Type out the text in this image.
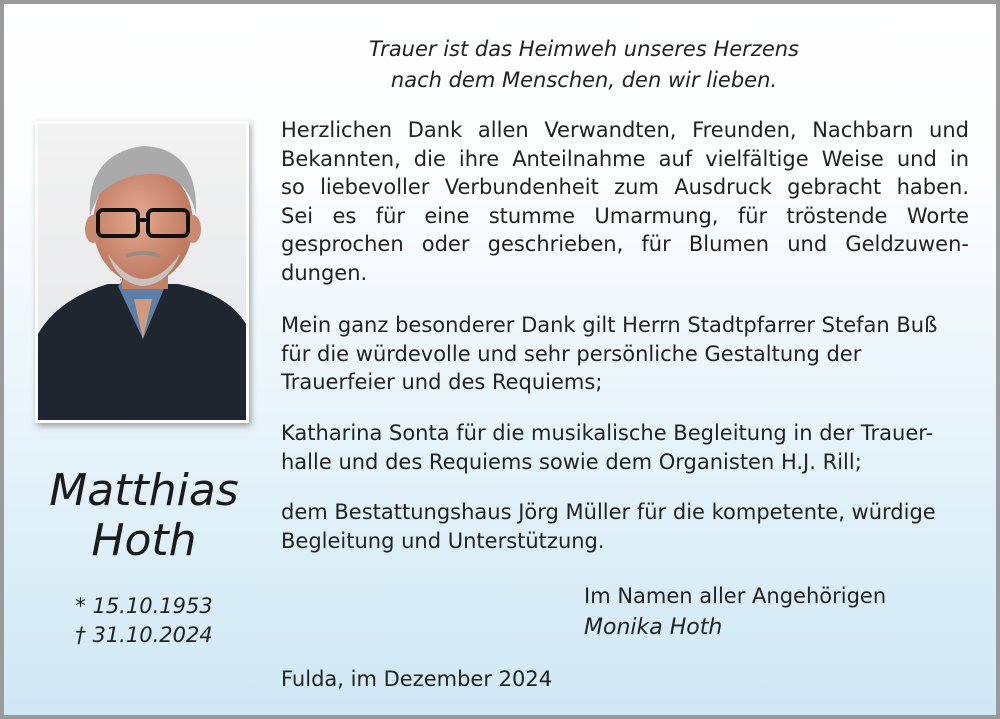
Trauer ist das Heimweh unseres Herzens
nach dem Menschen, den wir lieben.
Matthias
Hoth
* 15.10.1953
† 31.10.2024
Herzlichen Dank allen Verwandten, Freunden, Nachbarn und
Bekannten, die ihre Anteilnahme auf vielfältige Weise und in
so liebevoller Verbundenheit zum Ausdruck gebracht haben.
Sei es für eine stumme Umarmung, für tröstende Worte
gesprochen oder geschrieben, für Blumen und Geldzuwen-
dungen.
Mein ganz besonderer Dank gilt Herrn Stadtpfarrer Stefan Buß
für die würdevolle und sehr persönliche Gestaltung der
Trauerfeier und des Requiems;
Katharina Sonta für die musikalische Begleitung in der Trauer-
halle und des Requiems sowie dem Organisten H.J. Rill;
dem Bestattungshaus Jörg Müller für die kompetente, würdige
Begleitung und Unterstützung.
Im Namen aller Angehörigen
Monika Hoth
Fulda, im Dezember 2024
